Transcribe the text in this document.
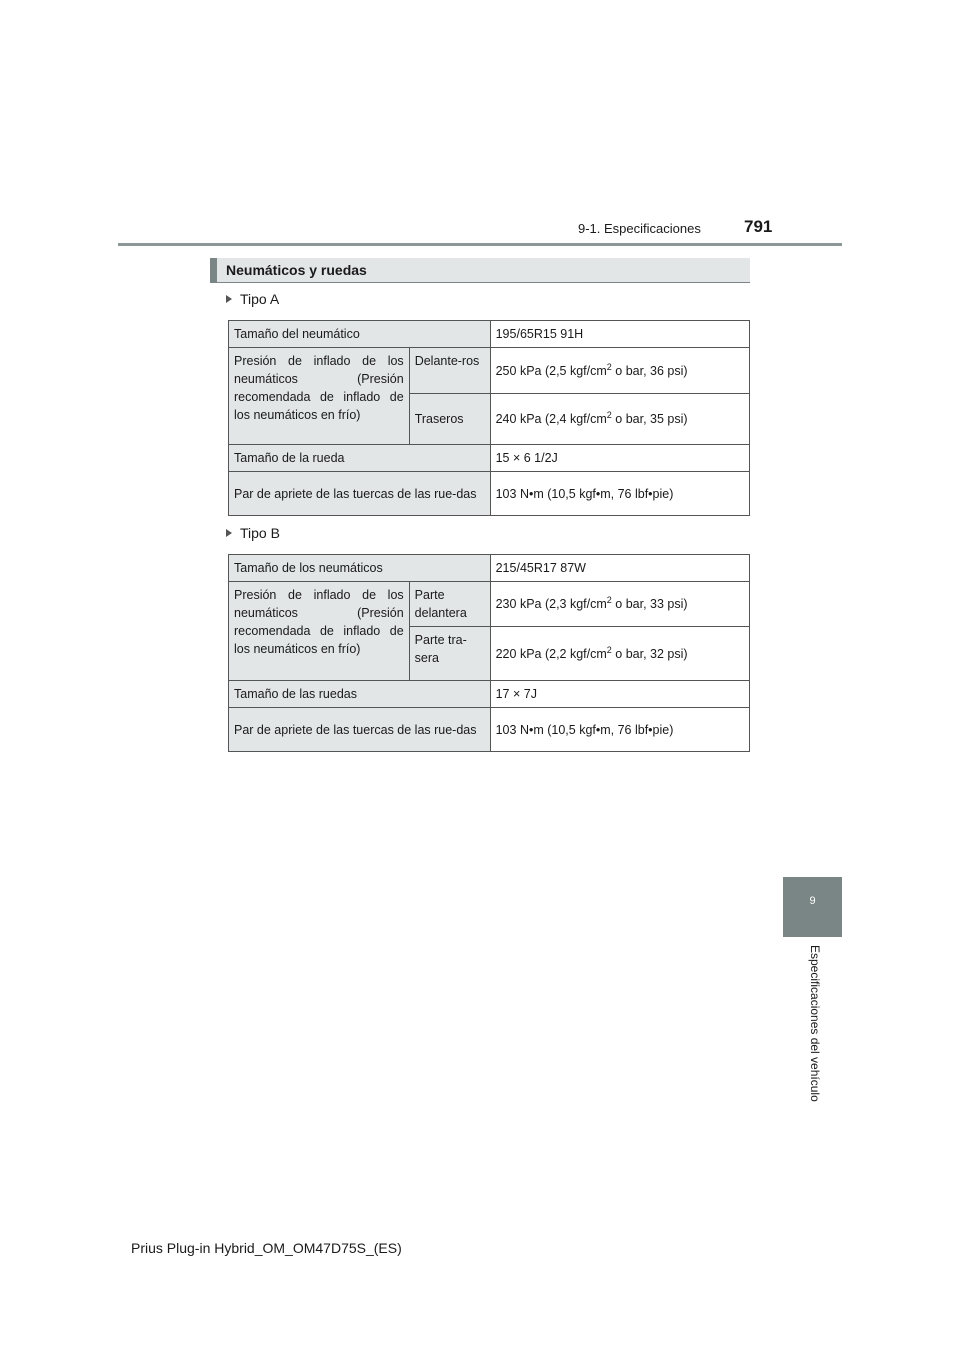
9-1. Especificaciones	791
Neumáticos y ruedas
Tipo A
Tamaño del neumático		195/65R15 91H
Presión de inflado de los neumáticos (Presión recomendada de inflado de los neumáticos en frío)	Delante-ros	250 kPa (2,5 kgf/$cm^2$ o bar, 36 psi)
	Traseros	240 kPa (2,4 kgf/$cm^2$ o bar, 35 psi)
Tamaño de la rueda		15 × 6 1/2J
Par de apriete de las tuercas de las rue-das		103 N•m (10,5 kgf•m, 76 lbf•pie)
Tipo B
Tamaño de los neumáticos		215/45R17 87W
Presión de inflado de los neumáticos (Presión recomendada de inflado de los neumáticos en frío)	Parte delantera	230 kPa (2,3 kgf/$cm^2$ o bar, 33 psi)
	Parte tra-sera	220 kPa (2,2 kgf/$cm^2$ o bar, 32 psi)
Tamaño de las ruedas		17 × 7J
Par de apriete de las tuercas de las rue-das		103 N•m (10,5 kgf•m, 76 lbf•pie)
9
Especificaciones del vehículo
Prius Plug-in Hybrid_OM_OM47D75S_(ES)
